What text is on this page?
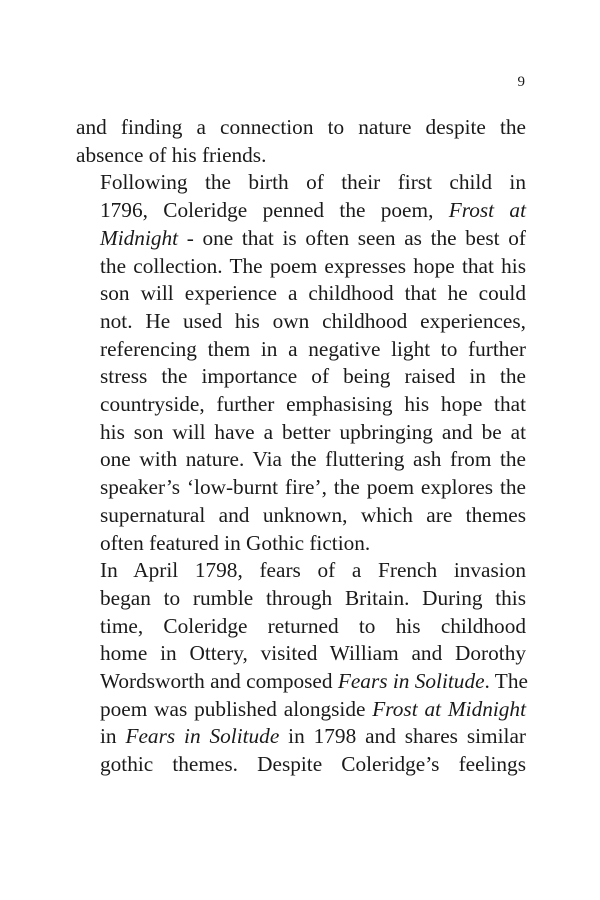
9

and finding a connection to nature despite the
absence of his friends.

Following the birth of their first child in
1796, Coleridge penned the poem, Frost at
Midnight - one that is often seen as the best of
the collection. The poem expresses hope that his
son will experience a childhood that he could
not. He used his own childhood experiences,
referencing them in a negative light to further
stress the importance of being raised in the
countryside, further emphasising his hope that
his son will have a better upbringing and be at
one with nature. Via the fluttering ash from the
speaker’s ‘low-burnt fire’, the poem explores the
supernatural and unknown, which are themes
often featured in Gothic fiction.

In April 1798, fears of a French invasion
began to rumble through Britain. During this
time, Coleridge returned to his childhood
home in Ottery, visited William and Dorothy
Wordsworth and composed Fears in Solitude. The
poem was published alongside Frost at Midnight
in Fears in Solitude in 1798 and shares similar
gothic themes. Despite Coleridge’s feelings
